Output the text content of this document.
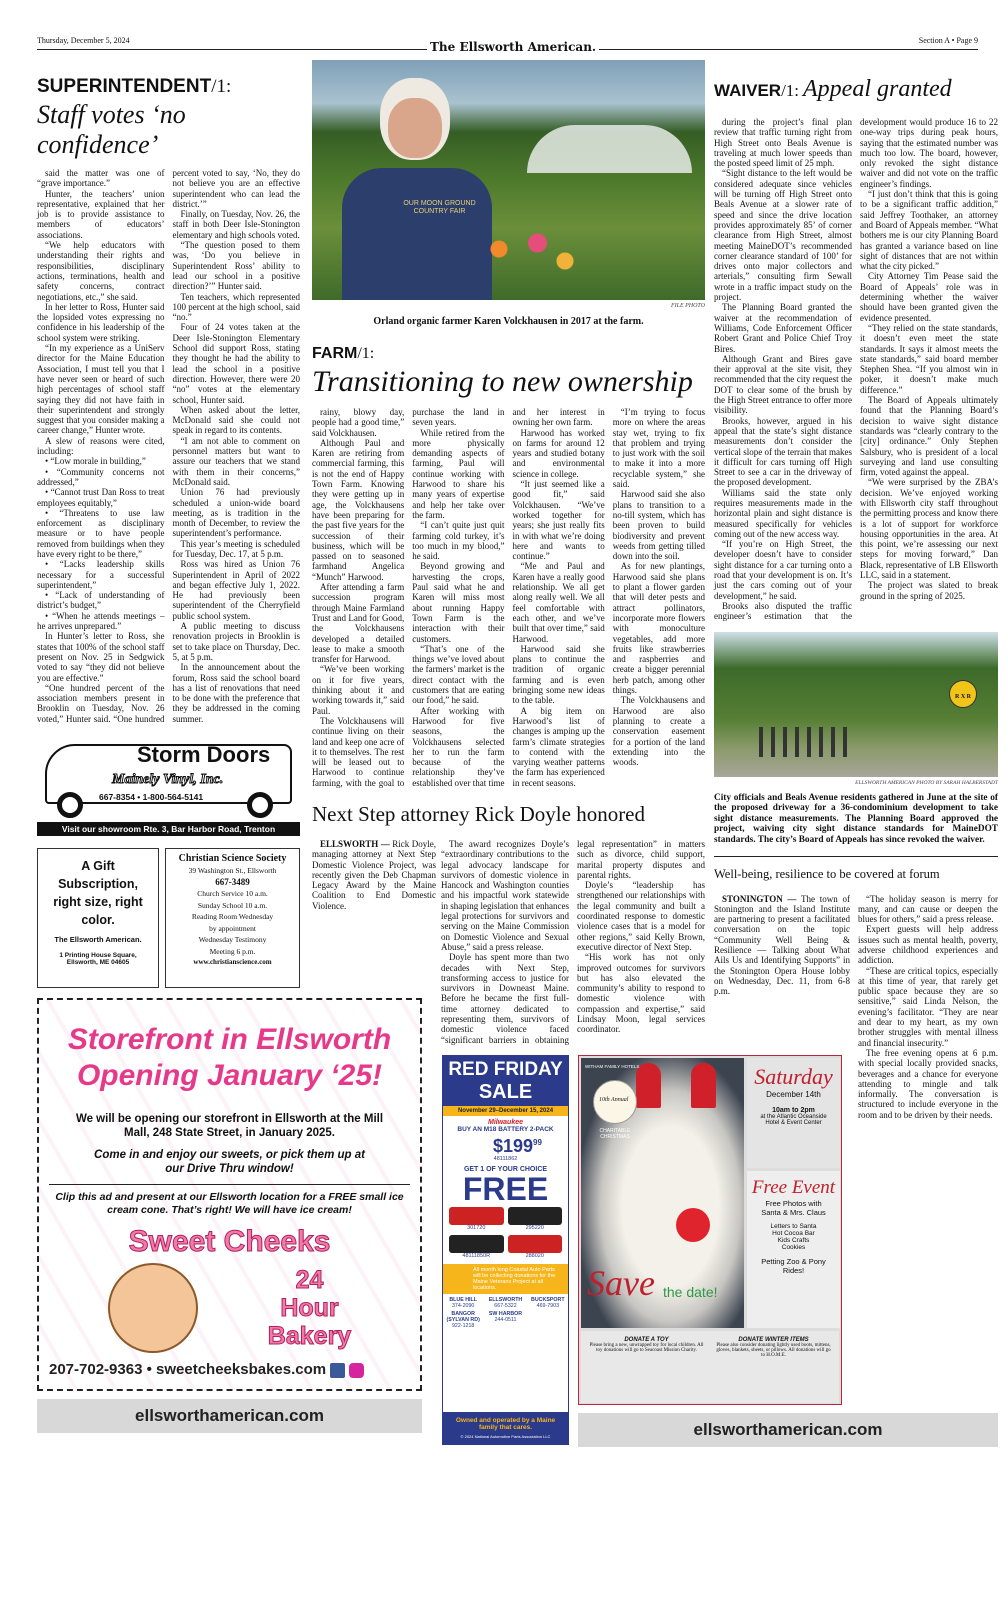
Thursday, December 5, 2024	The Ellsworth American.	Section A • Page 9
SUPERINTENDENT/1:
Staff votes ‘no confidence’

said the matter was one of “grave importance.”

Hunter, the teachers’ union representative, explained that her job is to provide assistance to members of educators’ associations.

“We help educators with understanding their rights and responsibilities, disciplinary actions, terminations, health and safety concerns, contract negotiations, etc.,” she said.

In her letter to Ross, Hunter said the lopsided votes expressing no confidence in his leadership of the school system were striking.

“In my experience as a UniServ director for the Maine Education Association, I must tell you that I have never seen or heard of such high percentages of school staff saying they did not have faith in their superintendent and strongly suggest that you consider making a career change,” Hunter wrote.

A slew of reasons were cited, including:

• “Low morale in building,”

• “Community concerns not addressed,”

• “Cannot trust Dan Ross to treat employees equitably,”

• “Threatens to use law enforcement as disciplinary measure or to have people removed from buildings when they have every right to be there,”

• “Lacks leadership skills necessary for a successful superintendent,”

• “Lack of understanding of district’s budget,”

• “When he attends meetings – he arrives unprepared.”

In Hunter’s letter to Ross, she states that 100% of the school staff present on Nov. 25 in Sedgwick voted to say “they did not believe you are effective.”

“One hundred percent of the association members present in Brooklin on Tuesday, Nov. 26 voted,” Hunter said. “One hundred percent voted to say, ‘No, they do not believe you are an effective superintendent who can lead the district.’”

Finally, on Tuesday, Nov. 26, the staff in both Deer Isle-Stonington elementary and high schools voted.

“The question posed to them was, ‘Do you believe in Superintendent Ross’ ability to lead our school in a positive direction?’” Hunter said.

Ten teachers, which represented 100 percent at the high school, said “no.”

Four of 24 votes taken at the Deer Isle-Stonington Elementary School did support Ross, stating they thought he had the ability to lead the school in a positive direction. However, there were 20 “no” votes at the elementary school, Hunter said.

When asked about the letter, McDonald said she could not speak in regard to its contents.

“I am not able to comment on personnel matters but want to assure our teachers that we stand with them in their concerns,” McDonald said.

Union 76 had previously scheduled a union-wide board meeting, as is tradition in the month of December, to review the superintendent’s performance.

This year’s meeting is scheduled for Tuesday, Dec. 17, at 5 p.m.

Ross was hired as Union 76 Superintendent in April of 2022 and began effective July 1, 2022. He had previously been superintendent of the Cherryfield public school system.

A public meeting to discuss renovation projects in Brooklin is set to take place on Thursday, Dec. 5, at 5 p.m.

In the announcement about the forum, Ross said the school board has a list of renovations that need to be done with the preference that they be addressed in the coming summer.

Storm Doors
Mainely Vinyl, Inc.
667-8354 • 1-800-564-5141
Visit our showroom Rte. 3, Bar Harbor Road, Trenton
A Gift Subscription, right size, right color.
The Ellsworth American.
1 Printing House Square, Ellsworth, ME 04605
Christian Science Society
39 Washington St., Ellsworth
667-3489
Church Service 10 a.m.
Sunday School 10 a.m.
Reading Room Wednesday
by appointment
Wednesday Testimony
Meeting 6 p.m.
www.christianscience.com
OUR MOON GROUND COUNTRY FAIR
FILE PHOTO
Orland organic farmer Karen Volckhausen in 2017 at the farm.
FARM/1:
Transitioning to new ownership

rainy, blowy day, people had a good time,” said Volckhausen.

Although Paul and Karen are retiring from commercial farming, this is not the end of Happy Town Farm. Knowing they were getting up in age, the Volckhausens have been preparing for the past five years for the succession of their business, which will be passed on to seasoned farmhand Angelica “Munch” Harwood.

After attending a farm succession program through Maine Farmland Trust and Land for Good, the Volckhausens developed a detailed lease to make a smooth transfer for Harwood.

“We’ve been working on it for five years, thinking about it and working towards it,” said Paul.

The Volckhausens will continue living on their land and keep one acre of it to themselves. The rest will be leased out to Harwood to continue farming, with the goal to purchase the land in seven years.

While retired from the more physically demanding aspects of farming, Paul will continue working with Harwood to share his many years of expertise and help her take over the farm.

“I can’t quite just quit farming cold turkey, it’s too much in my blood,” he said.

Beyond growing and harvesting the crops, Paul said what he and Karen will miss most about running Happy Town Farm is the interaction with their customers.

“That’s one of the things we’ve loved about the farmers’ market is the direct contact with the customers that are eating our food,” he said.

After working with Harwood for five seasons, the Volckhausens selected her to run the farm because of the relationship they’ve established over that time and her interest in owning her own farm.

Harwood has worked on farms for around 12 years and studied botany and environmental science in college.

“It just seemed like a good fit,” said Volckhausen. “We’ve worked together for years; she just really fits in with what we’re doing here and wants to continue.”

“Me and Paul and Karen have a really good relationship. We all get along really well. We all feel comfortable with each other, and we’ve built that over time,” said Harwood.

Harwood said she plans to continue the tradition of organic farming and is even bringing some new ideas to the table.

A big item on Harwood’s list of changes is amping up the farm’s climate strategies to contend with the varying weather patterns the farm has experienced in recent seasons.

“I’m trying to focus more on where the areas stay wet, trying to fix that problem and trying to just work with the soil to make it into a more recyclable system,” she said.

Harwood said she also plans to transition to a no-till system, which has been proven to build biodiversity and prevent weeds from getting tilled down into the soil.

As for new plantings, Harwood said she plans to plant a flower garden that will deter pests and attract pollinators, incorporate more flowers with monoculture vegetables, add more fruits like strawberries and raspberries and create a bigger perennial herb patch, among other things.

The Volckhausens and Harwood are also planning to create a conservation easement for a portion of the land extending into the woods.

Next Step attorney Rick Doyle honored

ELLSWORTH — Rick Doyle, managing attorney at Next Step Domestic Violence Project, was recently given the Deb Chapman Legacy Award by the Maine Coalition to End Domestic Violence.

The award recognizes Doyle’s “extraordinary contributions to the legal advocacy landscape for survivors of domestic violence in Hancock and Washington counties and his impactful work statewide in shaping legislation that enhances legal protections for survivors and serving on the Maine Commission on Domestic Violence and Sexual Abuse,” said a press release.

Doyle has spent more than two decades with Next Step, transforming access to justice for survivors in Downeast Maine. Before he became the first full-time attorney dedicated to representing them, survivors of domestic violence faced “significant barriers in obtaining legal representation” in matters such as divorce, child support, marital property disputes and parental rights.

Doyle’s “leadership has strengthened our relationships with the legal community and built a coordinated response to domestic violence cases that is a model for other regions,” said Kelly Brown, executive director of Next Step.

“His work has not only improved outcomes for survivors but has also elevated the community’s ability to respond to domestic violence with compassion and expertise,” said Lindsay Moon, legal services coordinator.

WAIVER/1: Appeal granted

during the project’s final plan review that traffic turning right from High Street onto Beals Avenue is traveling at much lower speeds than the posted speed limit of 25 mph.

“Sight distance to the left would be considered adequate since vehicles will be turning off High Street onto Beals Avenue at a slower rate of speed and since the drive location provides approximately 85’ of corner clearance from High Street, almost meeting MaineDOT’s recommended corner clearance standard of 100’ for drives onto major collectors and arterials,” consulting firm Sewall wrote in a traffic impact study on the project.

The Planning Board granted the waiver at the recommendation of Williams, Code Enforcement Officer Robert Grant and Police Chief Troy Bires.

Although Grant and Bires gave their approval at the site visit, they recommended that the city request the DOT to clear some of the brush by the High Street entrance to offer more visibility.

Brooks, however, argued in his appeal that the state’s sight distance measurements don’t consider the vertical slope of the terrain that makes it difficult for cars turning off High Street to see a car in the driveway of the proposed development.

Williams said the state only requires measurements made in the horizontal plain and sight distance is measured specifically for vehicles coming out of the new access way.

“If you’re on High Street, the developer doesn’t have to consider sight distance for a car turning onto a road that your development is on. It’s just the cars coming out of your development,” he said.

Brooks also disputed the traffic engineer’s estimation that the development would produce 16 to 22 one-way trips during peak hours, saying that the estimated number was much too low. The board, however, only revoked the sight distance waiver and did not vote on the traffic engineer’s findings.

“I just don’t think that this is going to be a significant traffic addition,” said Jeffrey Toothaker, an attorney and Board of Appeals member. “What bothers me is our city Planning Board has granted a variance based on line sight of distances that are not within what the city picked.”

City Attorney Tim Pease said the Board of Appeals’ role was in determining whether the waiver should have been granted given the evidence presented.

“They relied on the state standards, it doesn’t even meet the state standards. It says it almost meets the state standards,” said board member Stephen Shea. “If you almost win in poker, it doesn’t make much difference.”

The Board of Appeals ultimately found that the Planning Board’s decision to waive sight distance standards was “clearly contrary to the [city] ordinance.” Only Stephen Salsbury, who is president of a local surveying and land use consulting firm, voted against the appeal.

“We were surprised by the ZBA’s decision. We’ve enjoyed working with Ellsworth city staff throughout the permitting process and know there is a lot of support for workforce housing opportunities in the area. At this point, we’re assessing our next steps for moving forward,” Dan Black, representative of LB Ellsworth LLC, said in a statement.

The project was slated to break ground in the spring of 2025.

R X R
ELLSWORTH AMERICAN PHOTO BY SARAH HALBERSTADT
City officials and Beals Avenue residents gathered in June at the site of the proposed driveway for a 36-condominium development to take sight distance measurements. The Planning Board approved the project, waiving city sight distance standards for MaineDOT standards. The city’s Board of Appeals has since revoked the waiver.
Well-being, resilience to be covered at forum

STONINGTON — The town of Stonington and the Island Institute are partnering to present a facilitated conversation on the topic “Community Well Being & Resilience — Talking about What Ails Us and Identifying Supports” in the Stonington Opera House lobby on Wednesday, Dec. 11, from 6-8 p.m.

“The holiday season is merry for many, and can cause or deepen the blues for others,” said a press release.

Expert guests will help address issues such as mental health, poverty, adverse childhood experiences and addiction.

“These are critical topics, especially at this time of year, that rarely get public space because they are so sensitive,” said Linda Nelson, the evening’s facilitator. “They are near and dear to my heart, as my own brother struggles with mental illness and financial insecurity.”

The free evening opens at 6 p.m. with special locally provided snacks, beverages and a chance for everyone attending to mingle and talk informally. The conversation is structured to include everyone in the room and to be driven by their needs.

Storefront in Ellsworth
Opening January ‘25!
We will be opening our storefront in Ellsworth at the Mill Mall, 248 State Street, in January 2025.
Come in and enjoy our sweets, or pick them up at our Drive Thru window!
Clip this ad and present at our Ellsworth location for a FREE small ice cream cone. That’s right! We will have ice cream!
Sweet Cheeks
24
Hour
Bakery
207-702-9363 • sweetcheeksbakes.com
ellsworthamerican.com
RED FRIDAY
SALE
November 29–December 15, 2024
Milwaukee
BUY AN M18 BATTERY 2-PACK
$\$199^{99}$
48111862
GET 1 OF YOUR CHOICE
FREE
301720	295220
48111850R	288020
All month long Coastal Auto Parts will be collecting donations for the Maine Veterans Project at all locations.
BLUE HILL
374-2090
ELLSWORTH
667-5322
BUCKSPORT
469-7903
BANGOR (SYLVAN RD)
922-1218
SW HARBOR
244-0511
Owned and operated by a Maine family that cares.
© 2024 National Automotive Parts Association LLC
WITHAM FAMILY HOTELS
10th Annual
CHARITABLE CHRISTMAS
Save the date!
Saturday
December 14th
10am to 2pm
at the Atlantic Oceanside Hotel & Event Center
Free Event
Free Photos with Santa & Mrs. Claus
Letters to Santa
Hot Cocoa Bar
Kids Crafts
Cookies
Petting Zoo & Pony Rides!
DONATE A TOY
Please bring a new, unwrapped toy for local children. All toy donations will go to Seacoast Mission Charity.
DONATE WINTER ITEMS
Please also consider donating lightly used boots, mittens, gloves, blankets, sheets, or pillows. All donations will go to H.O.M.E.
ellsworthamerican.com
